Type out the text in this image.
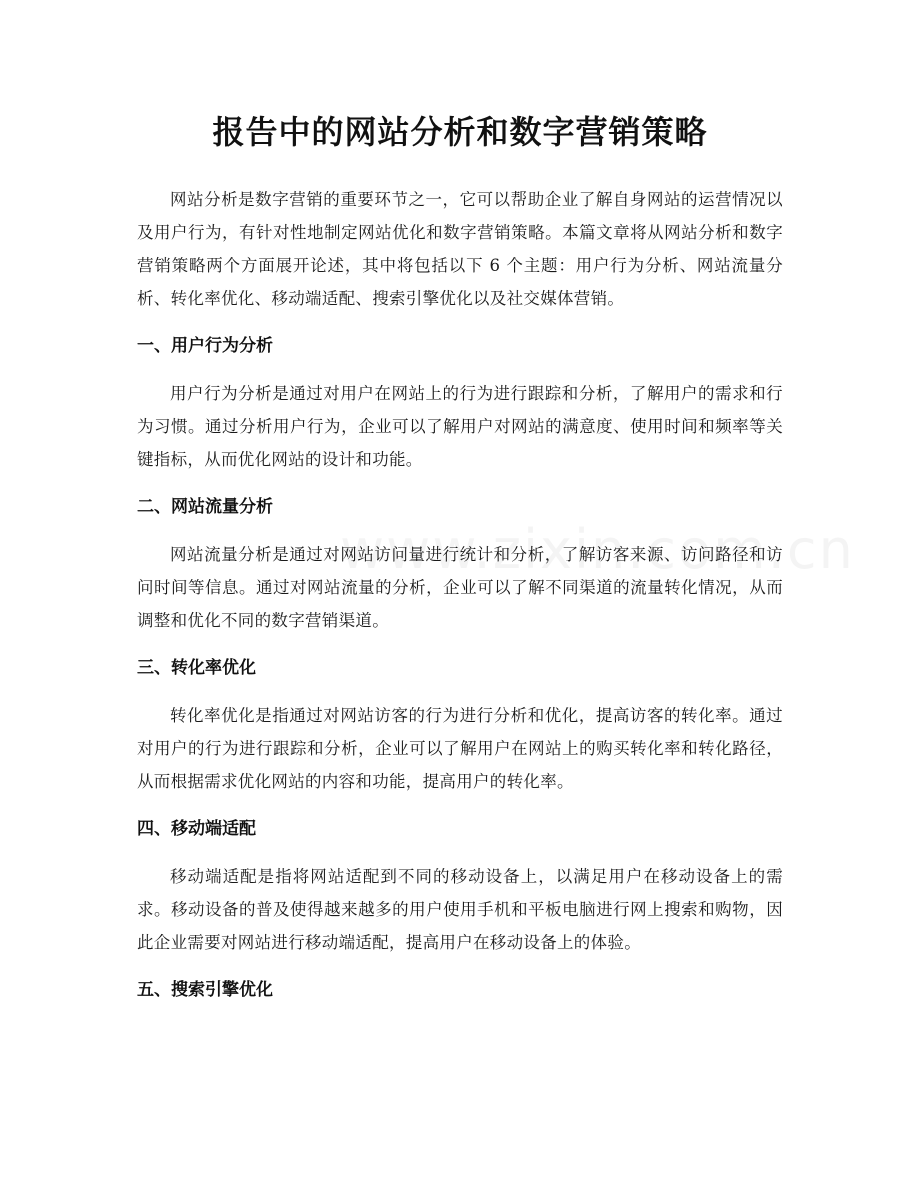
报告中的网站分析和数字营销策略

网站分析是数字营销的重要环节之一，它可以帮助企业了解自身网站的运营情况以及用户行为，有针对性地制定网站优化和数字营销策略。本篇文章将从网站分析和数字营销策略两个方面展开论述，其中将包括以下 6 个主题：用户行为分析、网站流量分析、转化率优化、移动端适配、搜索引擎优化以及社交媒体营销。

一、用户行为分析

用户行为分析是通过对用户在网站上的行为进行跟踪和分析，了解用户的需求和行为习惯。通过分析用户行为，企业可以了解用户对网站的满意度、使用时间和频率等关键指标，从而优化网站的设计和功能。

二、网站流量分析

网站流量分析是通过对网站访问量进行统计和分析，了解访客来源、访问路径和访问时间等信息。通过对网站流量的分析，企业可以了解不同渠道的流量转化情况，从而调整和优化不同的数字营销渠道。

三、转化率优化

转化率优化是指通过对网站访客的行为进行分析和优化，提高访客的转化率。通过对用户的行为进行跟踪和分析，企业可以了解用户在网站上的购买转化率和转化路径，从而根据需求优化网站的内容和功能，提高用户的转化率。

四、移动端适配

移动端适配是指将网站适配到不同的移动设备上，以满足用户在移动设备上的需求。移动设备的普及使得越来越多的用户使用手机和平板电脑进行网上搜索和购物，因此企业需要对网站进行移动端适配，提高用户在移动设备上的体验。

五、搜索引擎优化
